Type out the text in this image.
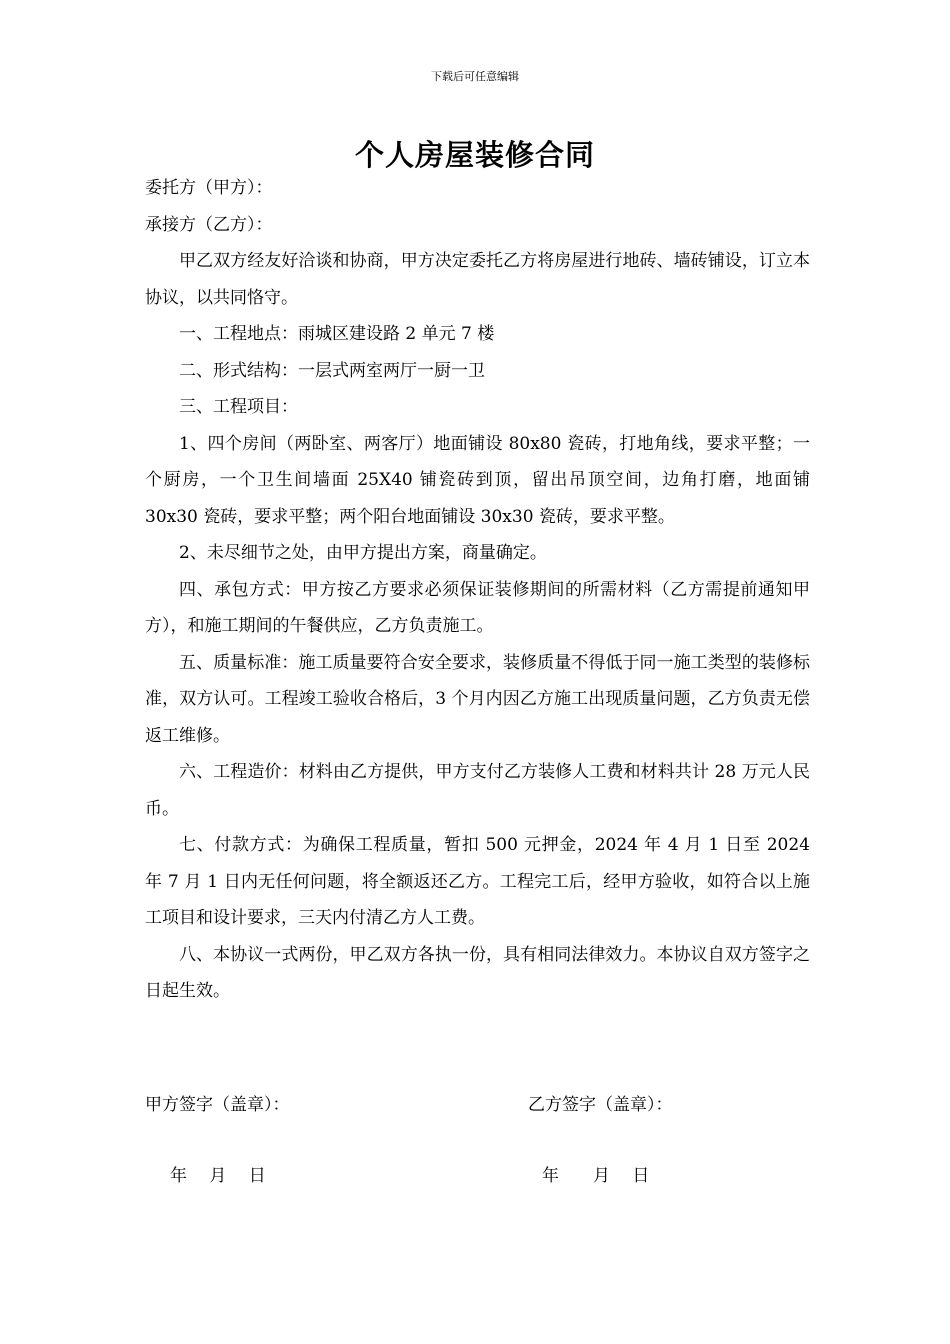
下载后可任意编辑
个人房屋装修合同

委托方（甲方）：

承接方（乙方）：

甲乙双方经友好洽谈和协商，甲方决定委托乙方将房屋进行地砖、墙砖铺设，订立本协议，以共同恪守。

一、工程地点：雨城区建设路 2 单元 7 楼

二、形式结构：一层式两室两厅一厨一卫

三、工程项目：

1、四个房间（两卧室、两客厅）地面铺设 80x80 瓷砖，打地角线，要求平整；一个厨房，一个卫生间墙面 25X40 铺瓷砖到顶，留出吊顶空间，边角打磨，地面铺 30x30 瓷砖，要求平整；两个阳台地面铺设 30x30 瓷砖，要求平整。

2、未尽细节之处，由甲方提出方案，商量确定。

四、承包方式：甲方按乙方要求必须保证装修期间的所需材料（乙方需提前通知甲方），和施工期间的午餐供应，乙方负责施工。

五、质量标准：施工质量要符合安全要求，装修质量不得低于同一施工类型的装修标准，双方认可。工程竣工验收合格后，3 个月内因乙方施工出现质量问题，乙方负责无偿返工维修。

六、工程造价：材料由乙方提供，甲方支付乙方装修人工费和材料共计 28 万元人民币。

七、付款方式：为确保工程质量，暂扣 500 元押金，2024 年 4 月 1 日至 2024 年 7 月 1 日内无任何问题，将全额返还乙方。工程完工后，经甲方验收，如符合以上施工项目和设计要求，三天内付清乙方人工费。

八、本协议一式两份，甲乙双方各执一份，具有相同法律效力。本协议自双方签字之日起生效。

甲方签字（盖章）：	乙方签字（盖章）：
年　 月　 日	年　　月　 日
